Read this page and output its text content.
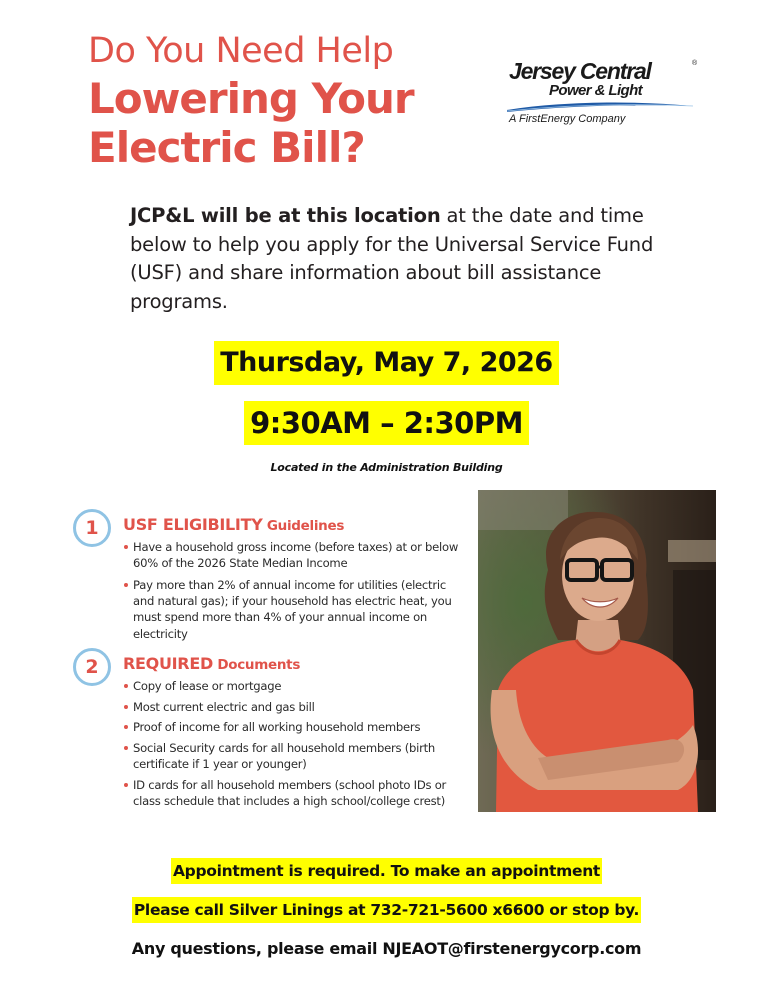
Do You Need Help
Lowering Your
Electric Bill?
Jersey Central	®
Power & Light
A FirstEnergy Company

JCP&L will be at this location at the date and time below to help you apply for the Universal Service Fund (USF) and share information about bill assistance programs.

Thursday, May 7, 2026
9:30AM – 2:30PM
Located in the Administration Building
1	USF ELIGIBILITY Guidelines
Have a household gross income (before taxes) at or below 60% of the 2026 State Median Income
Pay more than 2% of annual income for utilities (electric and natural gas); if your household has electric heat, you must spend more than 4% of your annual income on electricity
2	REQUIRED Documents
Copy of lease or mortgage
Most current electric and gas bill
Proof of income for all working household members
Social Security cards for all household members (birth certificate if 1 year or younger)
ID cards for all household members (school photo IDs or class schedule that includes a high school/college crest)
Appointment is required. To make an appointment
Please call Silver Linings at 732-721-5600 x6600 or stop by.
Any questions, please email NJEAOT@firstenergycorp.com
